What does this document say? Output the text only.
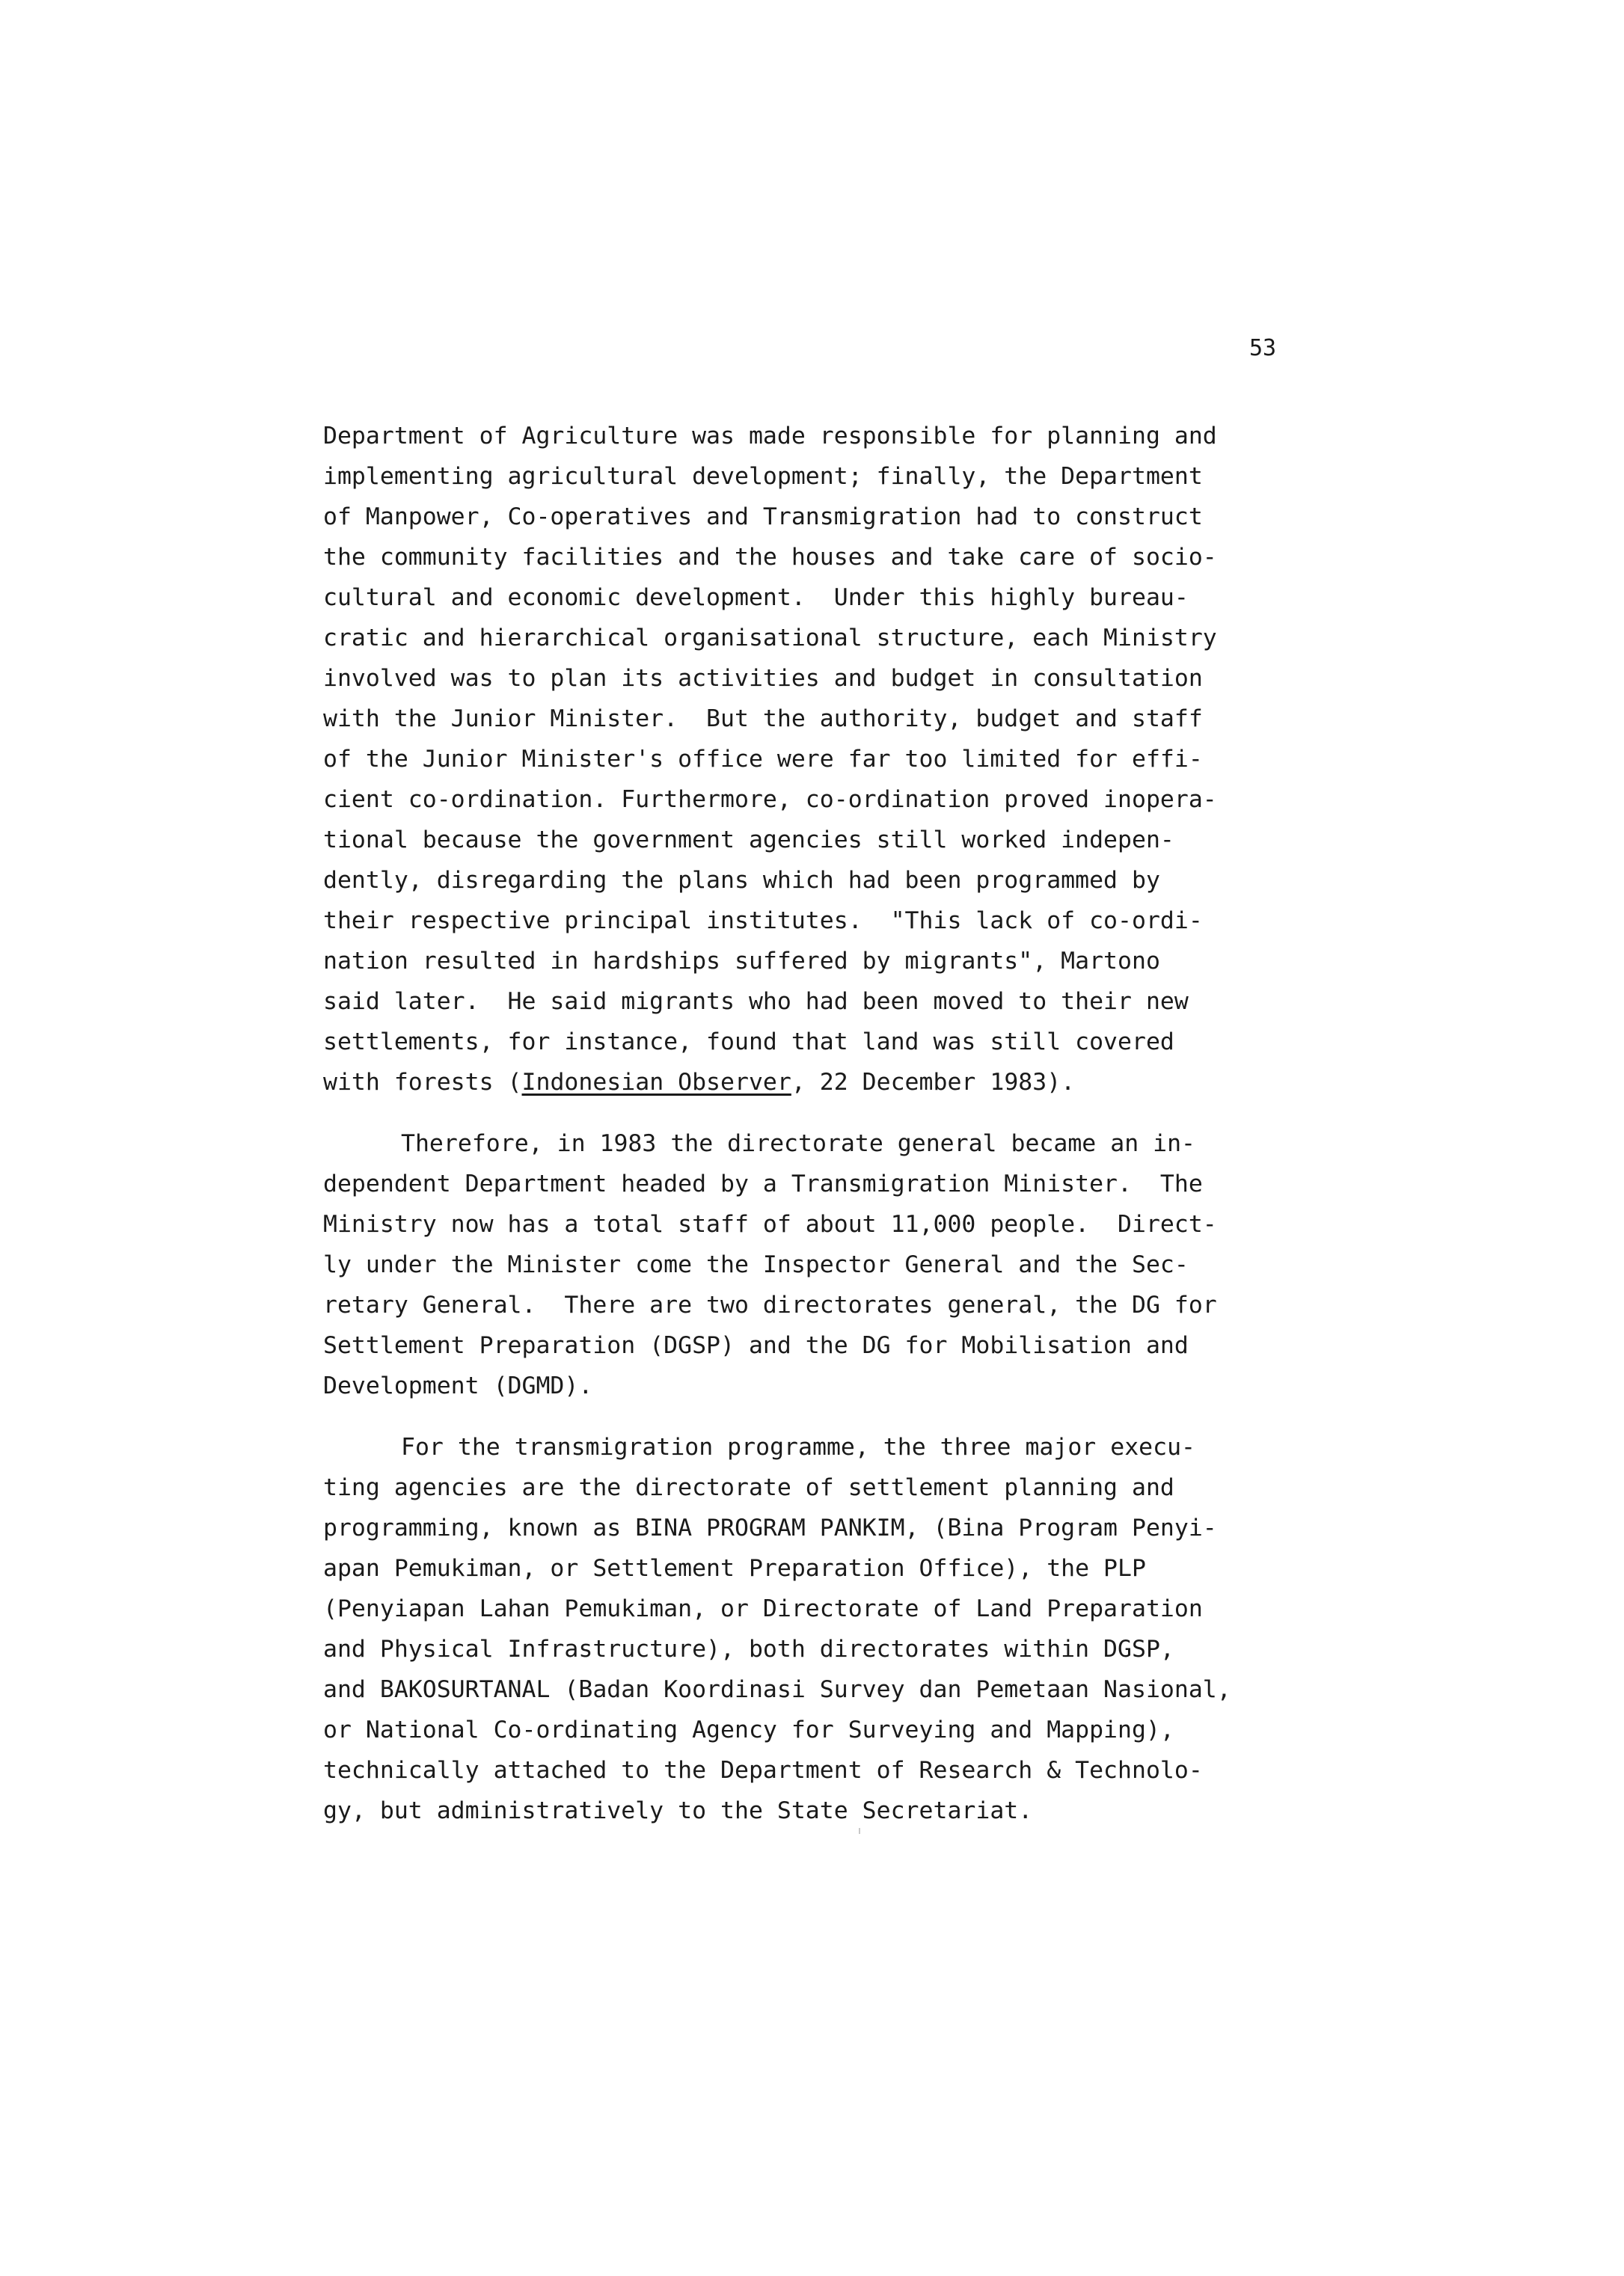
53
Department of Agriculture was made responsible for planning and
implementing agricultural development; finally, the Department
of Manpower, Co-operatives and Transmigration had to construct
the community facilities and the houses and take care of socio-
cultural and economic development.  Under this highly bureau-
cratic and hierarchical organisational structure, each Ministry
involved was to plan its activities and budget in consultation
with the Junior Minister.  But the authority, budget and staff
of the Junior Minister's office were far too limited for effi-
cient co-ordination. Furthermore, co-ordination proved inopera-
tional because the government agencies still worked indepen-
dently, disregarding the plans which had been programmed by
their respective principal institutes.  "This lack of co-ordi-
nation resulted in hardships suffered by migrants", Martono
said later.  He said migrants who had been moved to their new
settlements, for instance, found that land was still covered
with forests (Indonesian Observer, 22 December 1983).
Therefore, in 1983 the directorate general became an in-
dependent Department headed by a Transmigration Minister.  The
Ministry now has a total staff of about 11,000 people.  Direct-
ly under the Minister come the Inspector General and the Sec-
retary General.  There are two directorates general, the DG for
Settlement Preparation (DGSP) and the DG for Mobilisation and
Development (DGMD).
For the transmigration programme, the three major execu-
ting agencies are the directorate of settlement planning and
programming, known as BINA PROGRAM PANKIM, (Bina Program Penyi-
apan Pemukiman, or Settlement Preparation Office), the PLP
(Penyiapan Lahan Pemukiman, or Directorate of Land Preparation
and Physical Infrastructure), both directorates within DGSP,
and BAKOSURTANAL (Badan Koordinasi Survey dan Pemetaan Nasional,
or National Co-ordinating Agency for Surveying and Mapping),
technically attached to the Department of Research & Technolo-
gy, but administratively to the State Secretariat.
